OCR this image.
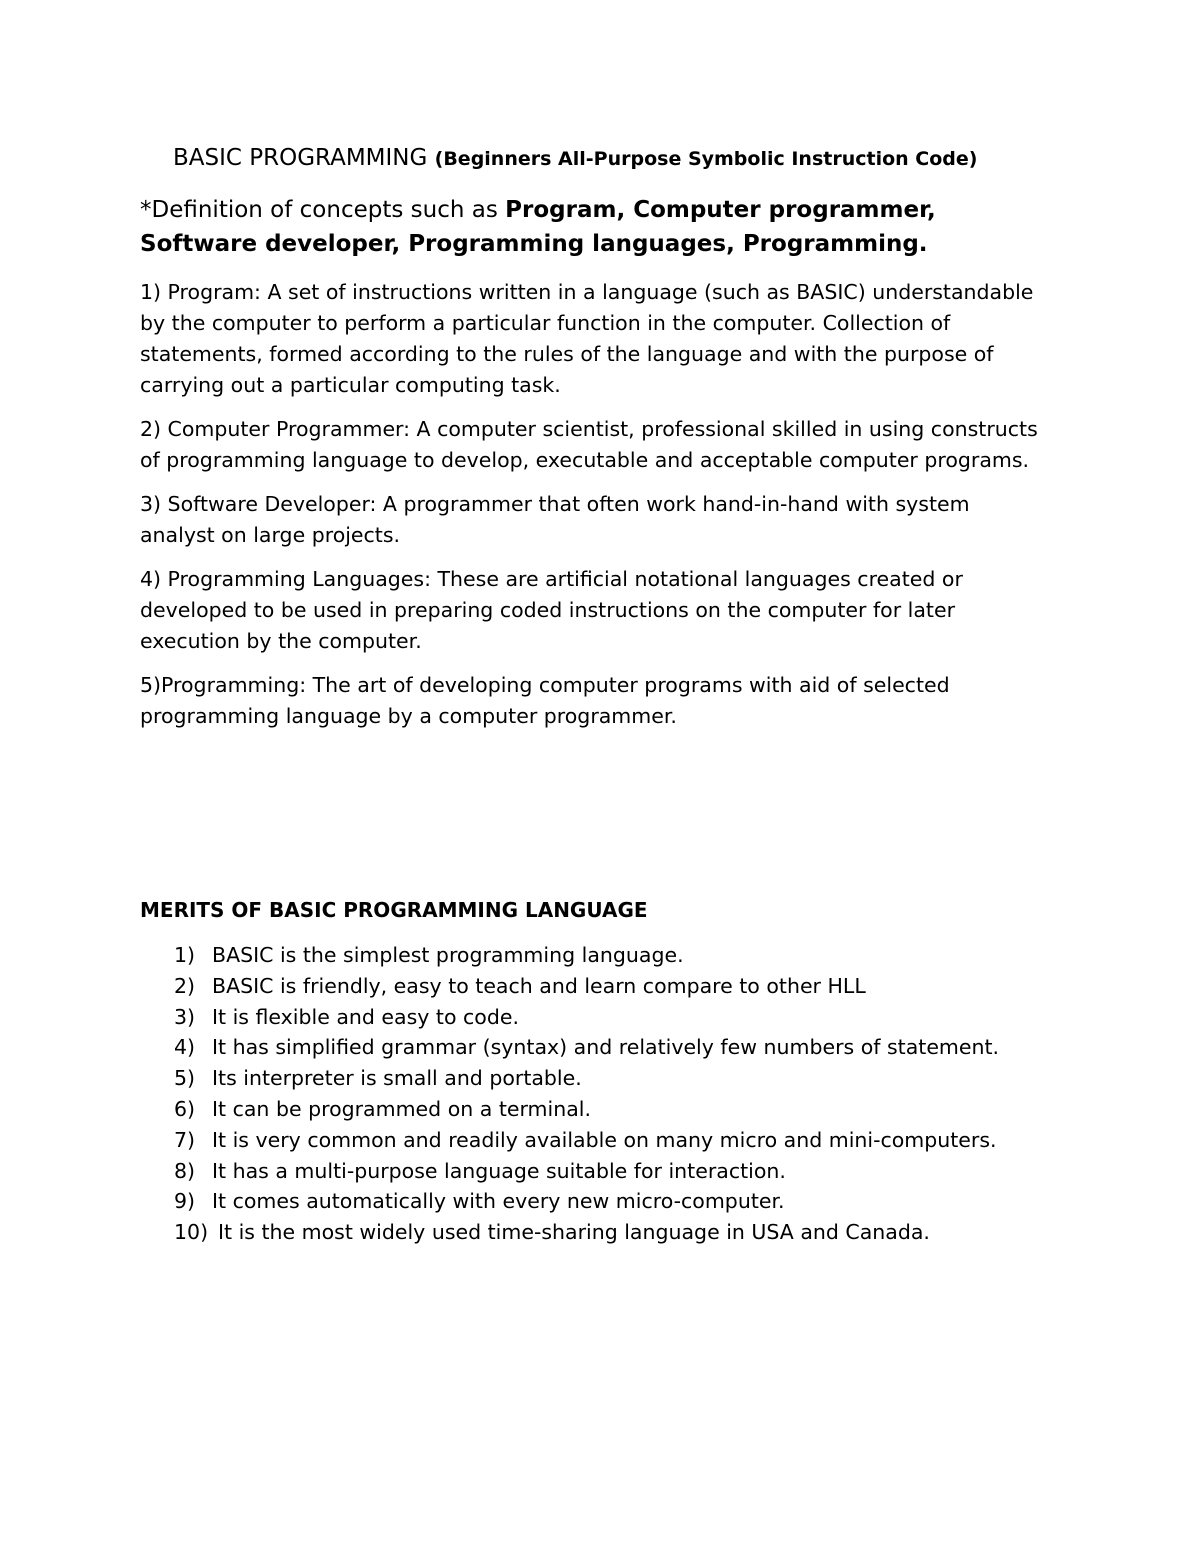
BASIC PROGRAMMING (Beginners All-Purpose Symbolic Instruction Code)
*Definition of concepts such as Program, Computer programmer,
Software developer, Programming languages, Programming.
1) Program: A set of instructions written in a language (such as BASIC) understandable
by the computer to perform a particular function in the computer. Collection of
statements, formed according to the rules of the language and with the purpose of
carrying out a particular computing task.
2) Computer Programmer: A computer scientist, professional skilled in using constructs
of programming language to develop, executable and acceptable computer programs.
3) Software Developer: A programmer that often work hand-in-hand with system
analyst on large projects.
4) Programming Languages: These are artificial notational languages created or
developed to be used in preparing coded instructions on the computer for later
execution by the computer.
5)Programming: The art of developing computer programs with aid of selected
programming language by a computer programmer.
MERITS OF BASIC PROGRAMMING LANGUAGE
1) BASIC is the simplest programming language.
2) BASIC is friendly, easy to teach and learn compare to other HLL
3) It is flexible and easy to code.
4) It has simplified grammar (syntax) and relatively few numbers of statement.
5) Its interpreter is small and portable.
6) It can be programmed on a terminal.
7) It is very common and readily available on many micro and mini-computers.
8) It has a multi-purpose language suitable for interaction.
9) It comes automatically with every new micro-computer.
10) It is the most widely used time-sharing language in USA and Canada.
